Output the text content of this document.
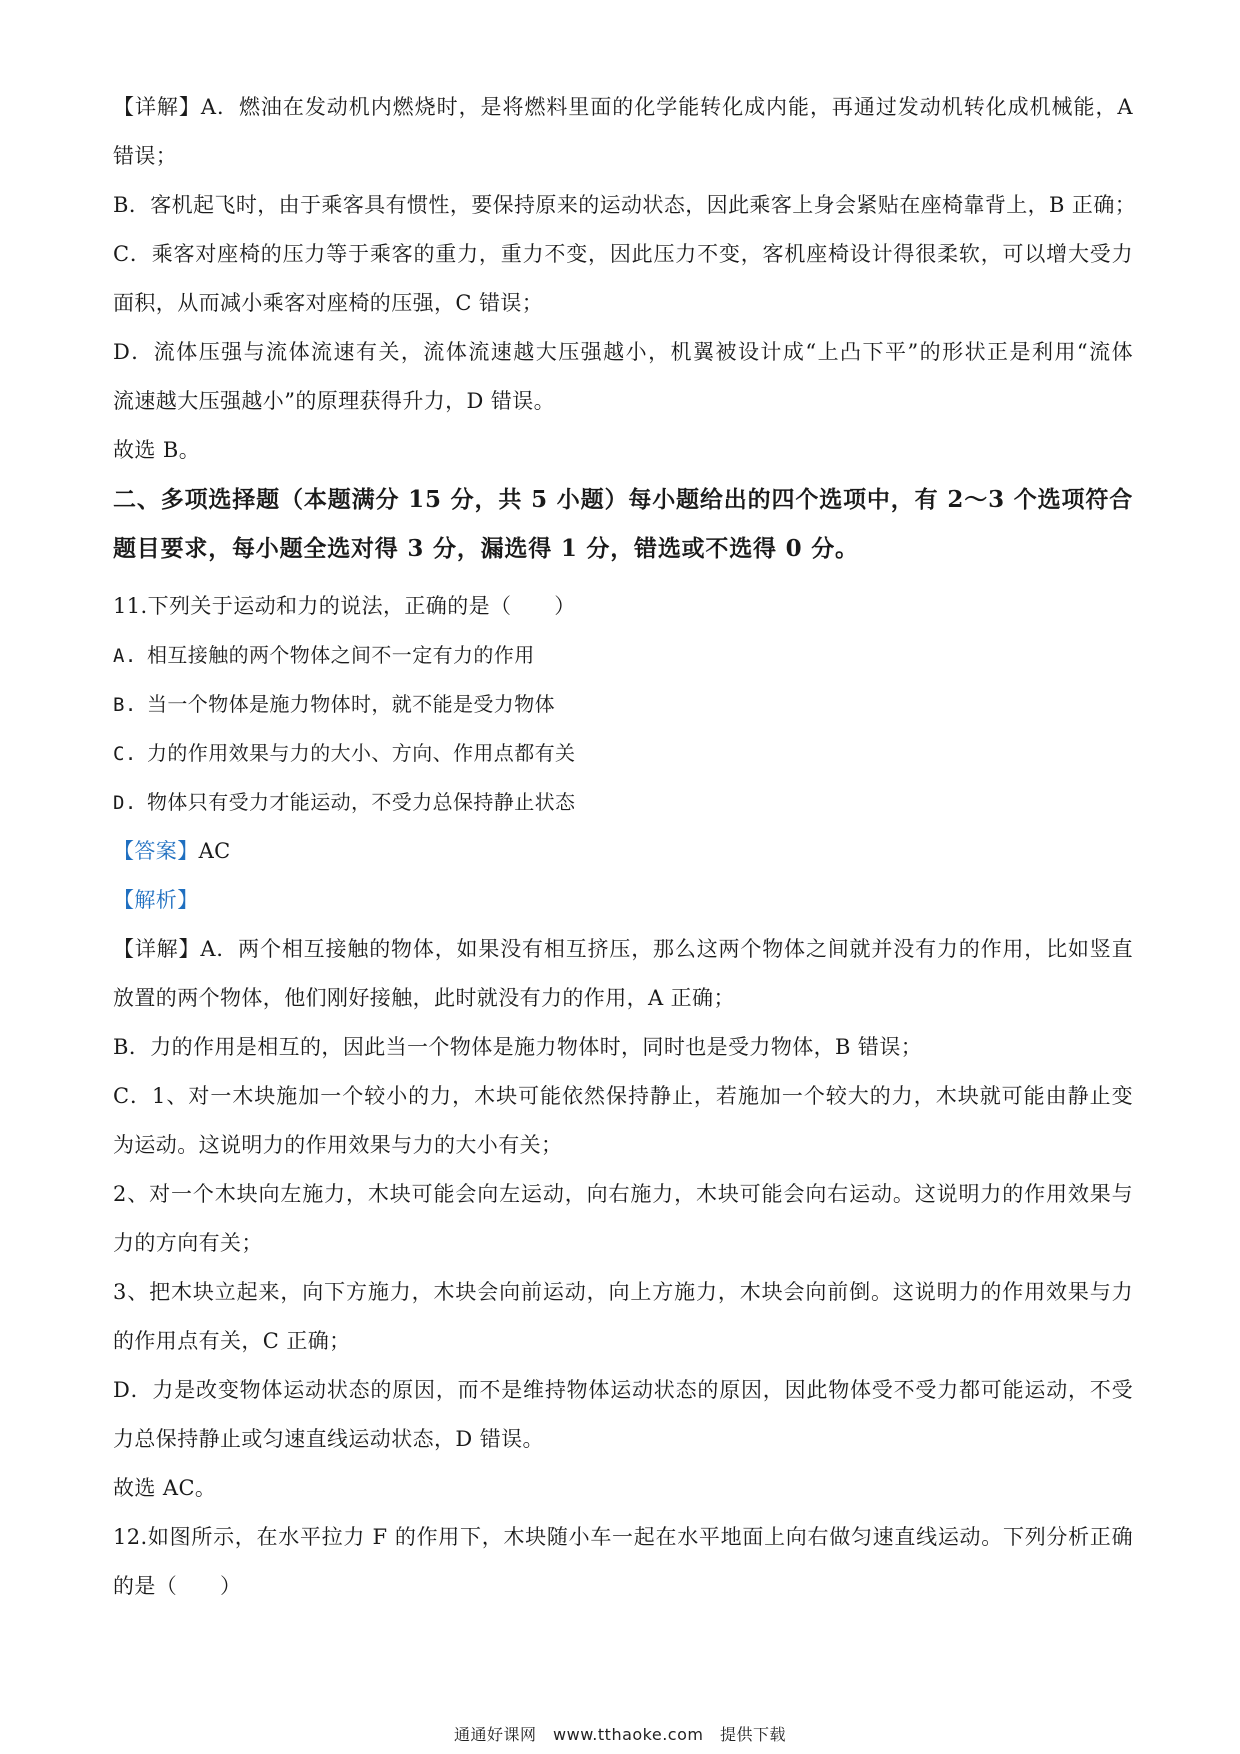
【详解】A．燃油在发动机内燃烧时，是将燃料里面的化学能转化成内能，再通过发动机转化成机械能，A
错误；
B．客机起飞时，由于乘客具有惯性，要保持原来的运动状态，因此乘客上身会紧贴在座椅靠背上，B 正确；
C．乘客对座椅的压力等于乘客的重力，重力不变，因此压力不变，客机座椅设计得很柔软，可以增大受力
面积，从而减小乘客对座椅的压强，C 错误；
D．流体压强与流体流速有关，流体流速越大压强越小，机翼被设计成“上凸下平”的形状正是利用“流体
流速越大压强越小”的原理获得升力，D 错误。
故选 B。
二、多项选择题（本题满分 15 分，共 5 小题）每小题给出的四个选项中，有 2～3 个选项符合
题目要求，每小题全选对得 3 分，漏选得 1 分，错选或不选得 0 分。
11.下列关于运动和力的说法，正确的是（　　）
A. 相互接触的两个物体之间不一定有力的作用
B. 当一个物体是施力物体时，就不能是受力物体
C. 力的作用效果与力的大小、方向、作用点都有关
D. 物体只有受力才能运动，不受力总保持静止状态
【答案】AC
【解析】
【详解】A．两个相互接触的物体，如果没有相互挤压，那么这两个物体之间就并没有力的作用，比如竖直
放置的两个物体，他们刚好接触，此时就没有力的作用，A 正确；
B．力的作用是相互的，因此当一个物体是施力物体时，同时也是受力物体，B 错误；
C．1、对一木块施加一个较小的力，木块可能依然保持静止，若施加一个较大的力，木块就可能由静止变
为运动。这说明力的作用效果与力的大小有关；
2、对一个木块向左施力，木块可能会向左运动，向右施力，木块可能会向右运动。这说明力的作用效果与
力的方向有关；
3、把木块立起来，向下方施力，木块会向前运动，向上方施力，木块会向前倒。这说明力的作用效果与力
的作用点有关，C 正确；
D．力是改变物体运动状态的原因，而不是维持物体运动状态的原因，因此物体受不受力都可能运动，不受
力总保持静止或匀速直线运动状态，D 错误。
故选 AC。
12.如图所示，在水平拉力 F 的作用下，木块随小车一起在水平地面上向右做匀速直线运动。下列分析正确
的是（　　）
通通好课网　www.tthaoke.com　提供下载
